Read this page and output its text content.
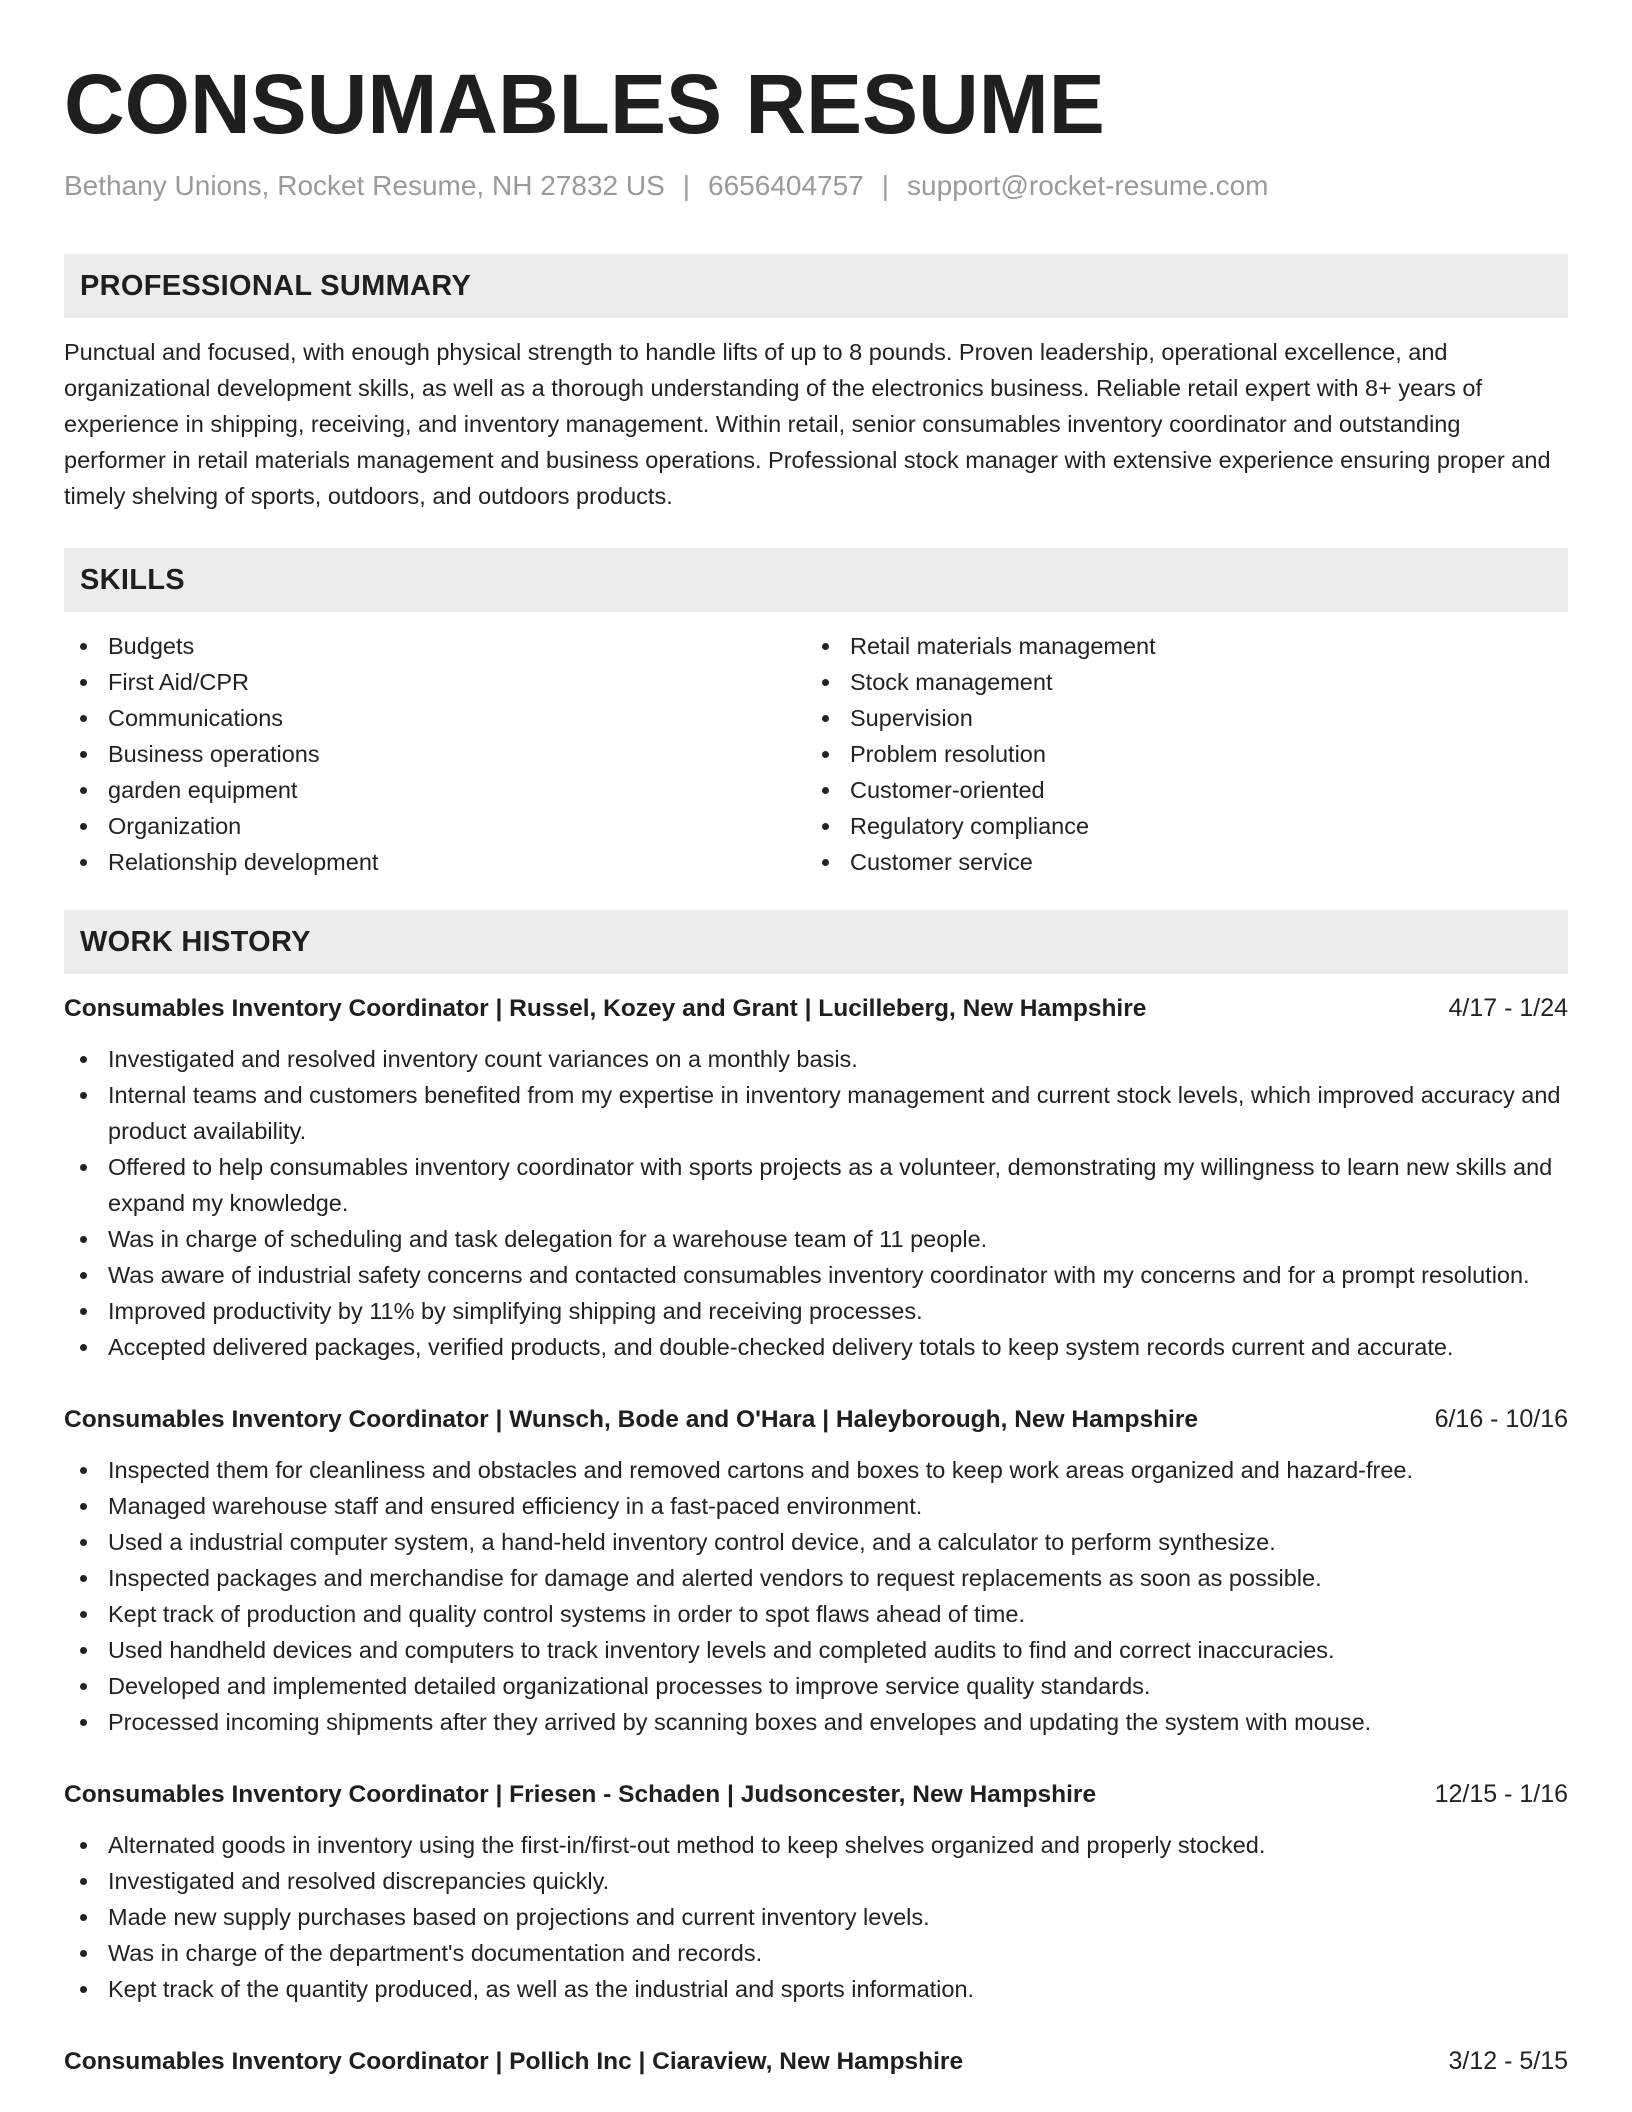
CONSUMABLES RESUME
Bethany Unions, Rocket Resume, NH 27832 US | 6656404757 | support@rocket-resume.com
PROFESSIONAL SUMMARY
Punctual and focused, with enough physical strength to handle lifts of up to 8 pounds. Proven leadership, operational excellence, and organizational development skills, as well as a thorough understanding of the electronics business. Reliable retail expert with 8+ years of experience in shipping, receiving, and inventory management. Within retail, senior consumables inventory coordinator and outstanding performer in retail materials management and business operations. Professional stock manager with extensive experience ensuring proper and timely shelving of sports, outdoors, and outdoors products.
SKILLS
Budgets
First Aid/CPR
Communications
Business operations
garden equipment
Organization
Relationship development
Retail materials management
Stock management
Supervision
Problem resolution
Customer-oriented
Regulatory compliance
Customer service
WORK HISTORY
Consumables Inventory Coordinator | Russel, Kozey and Grant | Lucilleberg, New Hampshire	4/17 - 1/24
Investigated and resolved inventory count variances on a monthly basis.
Internal teams and customers benefited from my expertise in inventory management and current stock levels, which improved accuracy and product availability.
Offered to help consumables inventory coordinator with sports projects as a volunteer, demonstrating my willingness to learn new skills and expand my knowledge.
Was in charge of scheduling and task delegation for a warehouse team of 11 people.
Was aware of industrial safety concerns and contacted consumables inventory coordinator with my concerns and for a prompt resolution.
Improved productivity by 11% by simplifying shipping and receiving processes.
Accepted delivered packages, verified products, and double-checked delivery totals to keep system records current and accurate.
Consumables Inventory Coordinator | Wunsch, Bode and O'Hara | Haleyborough, New Hampshire	6/16 - 10/16
Inspected them for cleanliness and obstacles and removed cartons and boxes to keep work areas organized and hazard-free.
Managed warehouse staff and ensured efficiency in a fast-paced environment.
Used a industrial computer system, a hand-held inventory control device, and a calculator to perform synthesize.
Inspected packages and merchandise for damage and alerted vendors to request replacements as soon as possible.
Kept track of production and quality control systems in order to spot flaws ahead of time.
Used handheld devices and computers to track inventory levels and completed audits to find and correct inaccuracies.
Developed and implemented detailed organizational processes to improve service quality standards.
Processed incoming shipments after they arrived by scanning boxes and envelopes and updating the system with mouse.
Consumables Inventory Coordinator | Friesen - Schaden | Judsoncester, New Hampshire	12/15 - 1/16
Alternated goods in inventory using the first-in/first-out method to keep shelves organized and properly stocked.
Investigated and resolved discrepancies quickly.
Made new supply purchases based on projections and current inventory levels.
Was in charge of the department's documentation and records.
Kept track of the quantity produced, as well as the industrial and sports information.
Consumables Inventory Coordinator | Pollich Inc | Ciaraview, New Hampshire	3/12 - 5/15
